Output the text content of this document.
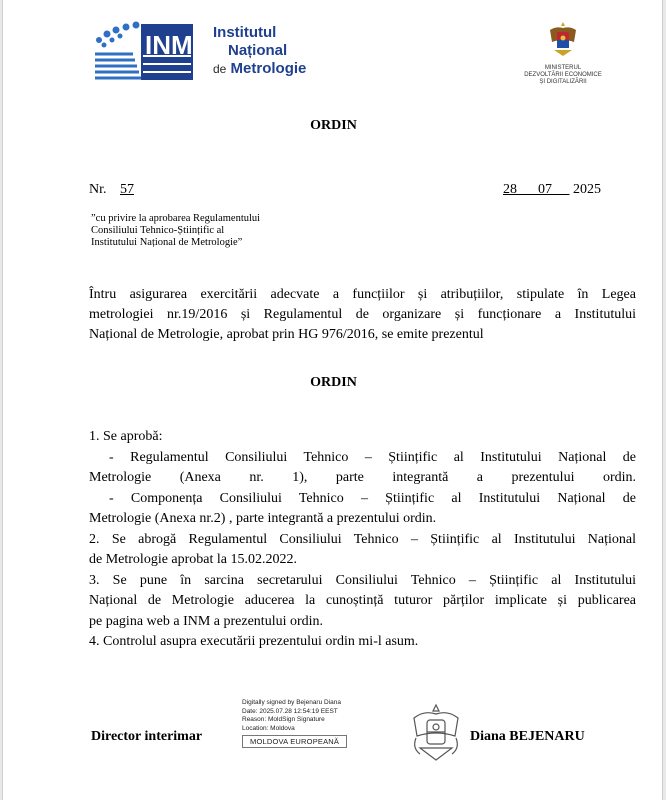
INM Institutul
Național
de Metrologie	MINISTERUL
DEZVOLTĂRII ECONOMICE
ȘI DIGITALIZĂRII
ORDIN
Nr. 57	28 07 2025
”cu privire la aprobarea Regulamentului
Consiliului Tehnico-Științific al
Institutului Național de Metrologie”
Întru asigurarea exercitării adecvate a funcțiilor și atribuțiilor, stipulate în Legea
metrologiei nr.19/2016 și Regulamentul de organizare și funcționare a Institutului
Național de Metrologie, aprobat prin HG 976/2016, se emite prezentul
ORDIN
1. Se aprobă:
- Regulamentul Consiliului Tehnico – Științific al Institutului Național de
Metrologie (Anexa nr. 1), parte integrantă a prezentului ordin.
- Componența Consiliului Tehnico – Științific al Institutului Național de
Metrologie (Anexa nr.2) , parte integrantă a prezentului ordin.
2. Se abrogă Regulamentul Consiliului Tehnico – Științific al Institutului Național
de Metrologie aprobat la 15.02.2022.
3. Se pune în sarcina secretarului Consiliului Tehnico – Științific al Institutului
Național de Metrologie aducerea la cunoștință tuturor părților implicate și publicarea
pe pagina web a INM a prezentului ordin.
4. Controlul asupra executării prezentului ordin mi-l asum.
Director interimar
Digitally signed by Bejenaru Diana
Date: 2025.07.28 12:54:19 EEST
Reason: MoldSign Signature
Location: Moldova
MOLDOVA EUROPEANĂ	Diana BEJENARU
